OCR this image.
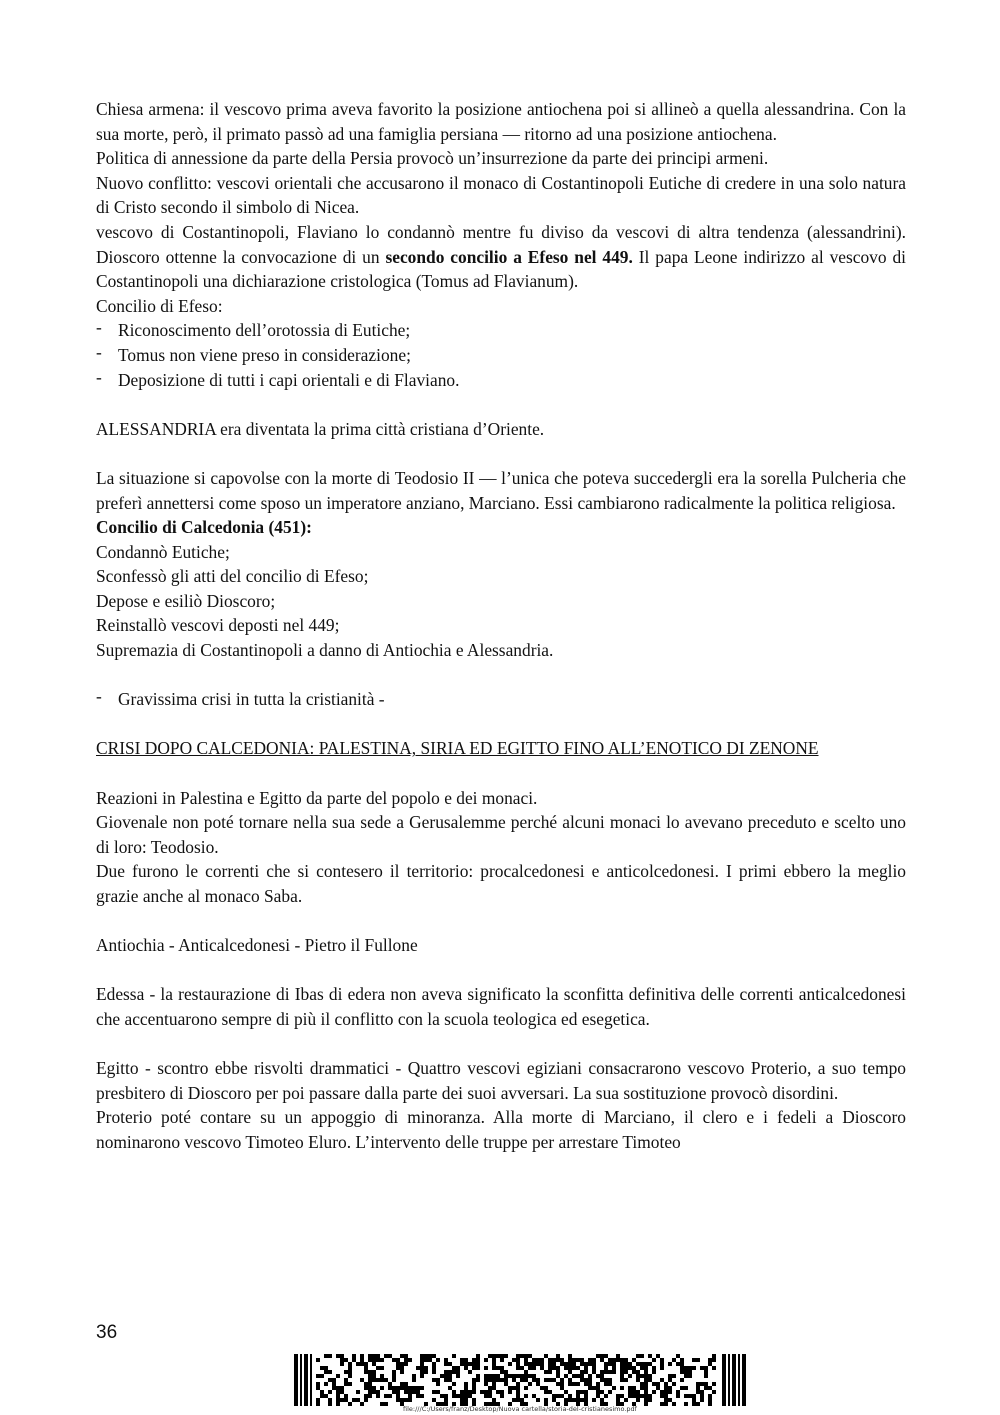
Chiesa armena: il vescovo prima aveva favorito la posizione antiochena poi si allineò a quella alessandrina. Con la sua morte, però, il primato passò ad una famiglia persiana — ritorno ad una posizione antiochena.

Politica di annessione da parte della Persia provocò un’insurrezione da parte dei principi armeni.

Nuovo conflitto: vescovi orientali che accusarono il monaco di Costantinopoli Eutiche di credere in una solo natura di Cristo secondo il simbolo di Nicea.

vescovo di Costantinopoli, Flaviano lo condannò mentre fu diviso da vescovi di altra tendenza (alessandrini). Dioscoro ottenne la convocazione di un secondo concilio a Efeso nel 449. Il papa Leone indirizzo al vescovo di Costantinopoli una dichiarazione cristologica (Tomus ad Flavianum).

Concilio di Efeso:

- Riconoscimento dell’orotossia di Eutiche;

- Tomus non viene preso in considerazione;

- Deposizione di tutti i capi orientali e di Flaviano.

ALESSANDRIA era diventata la prima città cristiana d’Oriente.

La situazione si capovolse con la morte di Teodosio II — l’unica che poteva succedergli era la sorella Pulcheria che preferì annettersi come sposo un imperatore anziano, Marciano. Essi cambiarono radicalmente la politica religiosa.

Concilio di Calcedonia (451):

Condannò Eutiche;

Sconfessò gli atti del concilio di Efeso;

Depose e esiliò Dioscoro;

Reinstallò vescovi deposti nel 449;

Supremazia di Costantinopoli a danno di Antiochia e Alessandria.

- Gravissima crisi in tutta la cristianità -

CRISI DOPO CALCEDONIA: PALESTINA, SIRIA ED EGITTO FINO ALL’ENOTICO DI ZENONE

Reazioni in Palestina e Egitto da parte del popolo e dei monaci.

Giovenale non poté tornare nella sua sede a Gerusalemme perché alcuni monaci lo avevano preceduto e scelto uno di loro: Teodosio.

Due furono le correnti che si contesero il territorio: procalcedonesi e anticolcedonesi. I primi ebbero la meglio grazie anche al monaco Saba.

Antiochia - Anticalcedonesi - Pietro il Fullone

Edessa - la restaurazione di Ibas di edera non aveva significato la sconfitta definitiva delle correnti anticalcedonesi che accentuarono sempre di più il conflitto con la scuola teologica ed esegetica.

Egitto - scontro ebbe risvolti drammatici - Quattro vescovi egiziani consacrarono vescovo Proterio, a suo tempo presbitero di Dioscoro per poi passare dalla parte dei suoi avversari. La sua sostituzione provocò disordini.

Proterio poté contare su un appoggio di minoranza. Alla morte di Marciano, il clero e i fedeli a Dioscoro nominarono vescovo Timoteo Eluro. L’intervento delle truppe per arrestare Timoteo

36
file:///C:/Users/franz/Desktop/Nuova cartella/storia-del-cristianesimo.pdf
